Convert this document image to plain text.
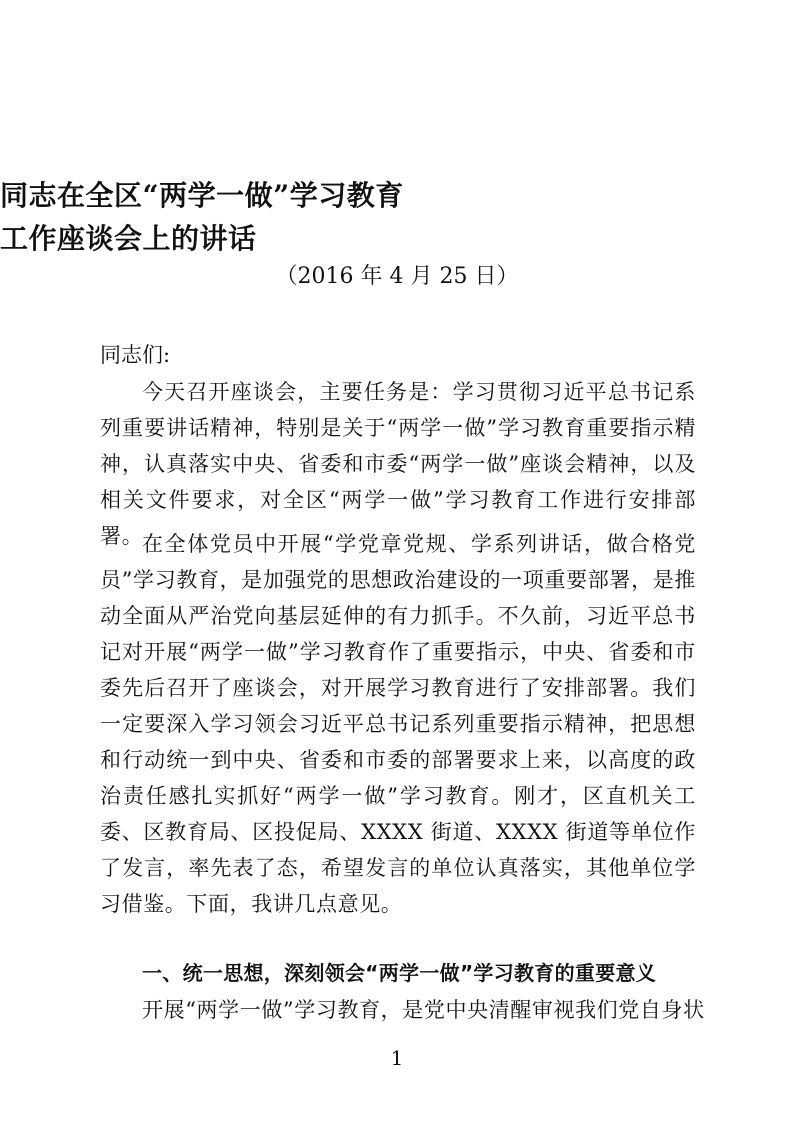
同志在全区“两学一做”学习教育
工作座谈会上的讲话
（2016 年 4 月 25 日）
同志们:

今天召开座谈会，主要任务是：学习贯彻习近平总书记系列重要讲话精神，特别是关于“两学一做”学习教育重要指示精神，认真落实中央、省委和市委“两学一做”座谈会精神，以及相关文件要求，对全区“两学一做”学习教育工作进行安排部署。

在全体党员中开展“学党章党规、学系列讲话，做合格党员”学习教育，是加强党的思想政治建设的一项重要部署，是推动全面从严治党向基层延伸的有力抓手。不久前，习近平总书记对开展“两学一做”学习教育作了重要指示，中央、省委和市委先后召开了座谈会，对开展学习教育进行了安排部署。我们一定要深入学习领会习近平总书记系列重要指示精神，把思想和行动统一到中央、省委和市委的部署要求上来，以高度的政治责任感扎实抓好“两学一做”学习教育。刚才，区直机关工委、区教育局、区投促局、XXXX 街道、XXXX 街道等单位作了发言，率先表了态，希望发言的单位认真落实，其他单位学习借鉴。下面，我讲几点意见。

一、统一思想，深刻领会“两学一做”学习教育的重要意义

开展“两学一做”学习教育，是党中央清醒审视我们党自身状

1
